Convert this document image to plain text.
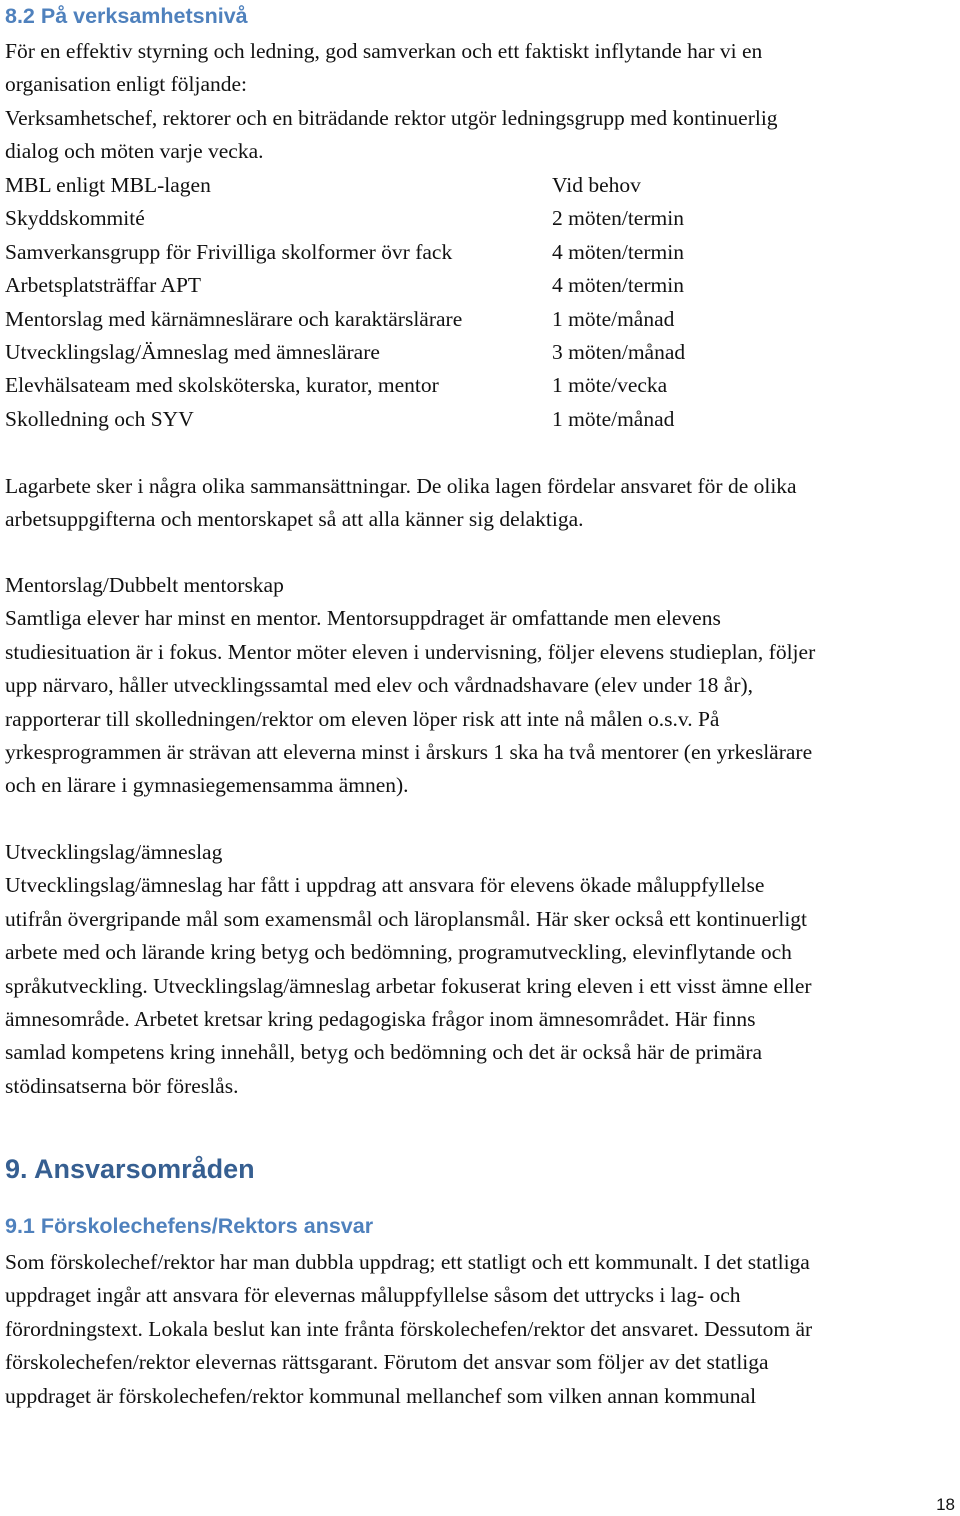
8.2 På verksamhetsnivå

För en effektiv styrning och ledning, god samverkan och ett faktiskt inflytande har vi en

organisation enligt följande:

Verksamhetschef, rektorer och en biträdande rektor utgör ledningsgrupp med kontinuerlig

dialog och möten varje vecka.

MBL enligt MBL-lagen	Vid behov
Skyddskommité	2 möten/termin
Samverkansgrupp för Frivilliga skolformer övr fack	4 möten/termin
Arbetsplatsträffar APT	4 möten/termin
Mentorslag med kärnämneslärare och karaktärslärare	1 möte/månad
Utvecklingslag/Ämneslag med ämneslärare	3 möten/månad
Elevhälsateam med skolsköterska, kurator, mentor	1 möte/vecka
Skolledning och SYV	1 möte/månad

Lagarbete sker i några olika sammansättningar. De olika lagen fördelar ansvaret för de olika

arbetsuppgifterna och mentorskapet så att alla känner sig delaktiga.

Mentorslag/Dubbelt mentorskap

Samtliga elever har minst en mentor. Mentorsuppdraget är omfattande men elevens

studiesituation är i fokus. Mentor möter eleven i undervisning, följer elevens studieplan, följer

upp närvaro, håller utvecklingssamtal med elev och vårdnadshavare (elev under 18 år),

rapporterar till skolledningen/rektor om eleven löper risk att inte nå målen o.s.v. På

yrkesprogrammen är strävan att eleverna minst i årskurs 1 ska ha två mentorer (en yrkeslärare

och en lärare i gymnasiegemensamma ämnen).

Utvecklingslag/ämneslag

Utvecklingslag/ämneslag har fått i uppdrag att ansvara för elevens ökade måluppfyllelse

utifrån övergripande mål som examensmål och läroplansmål. Här sker också ett kontinuerligt

arbete med och lärande kring betyg och bedömning, programutveckling, elevinflytande och

språkutveckling. Utvecklingslag/ämneslag arbetar fokuserat kring eleven i ett visst ämne eller

ämnesområde. Arbetet kretsar kring pedagogiska frågor inom ämnesområdet. Här finns

samlad kompetens kring innehåll, betyg och bedömning och det är också här de primära

stödinsatserna bör föreslås.

9. Ansvarsområden

9.1 Förskolechefens/Rektors ansvar

Som förskolechef/rektor har man dubbla uppdrag; ett statligt och ett kommunalt. I det statliga

uppdraget ingår att ansvara för elevernas måluppfyllelse såsom det uttrycks i lag- och

förordningstext. Lokala beslut kan inte frånta förskolechefen/rektor det ansvaret. Dessutom är

förskolechefen/rektor elevernas rättsgarant. Förutom det ansvar som följer av det statliga

uppdraget är förskolechefen/rektor kommunal mellanchef som vilken annan kommunal

18
